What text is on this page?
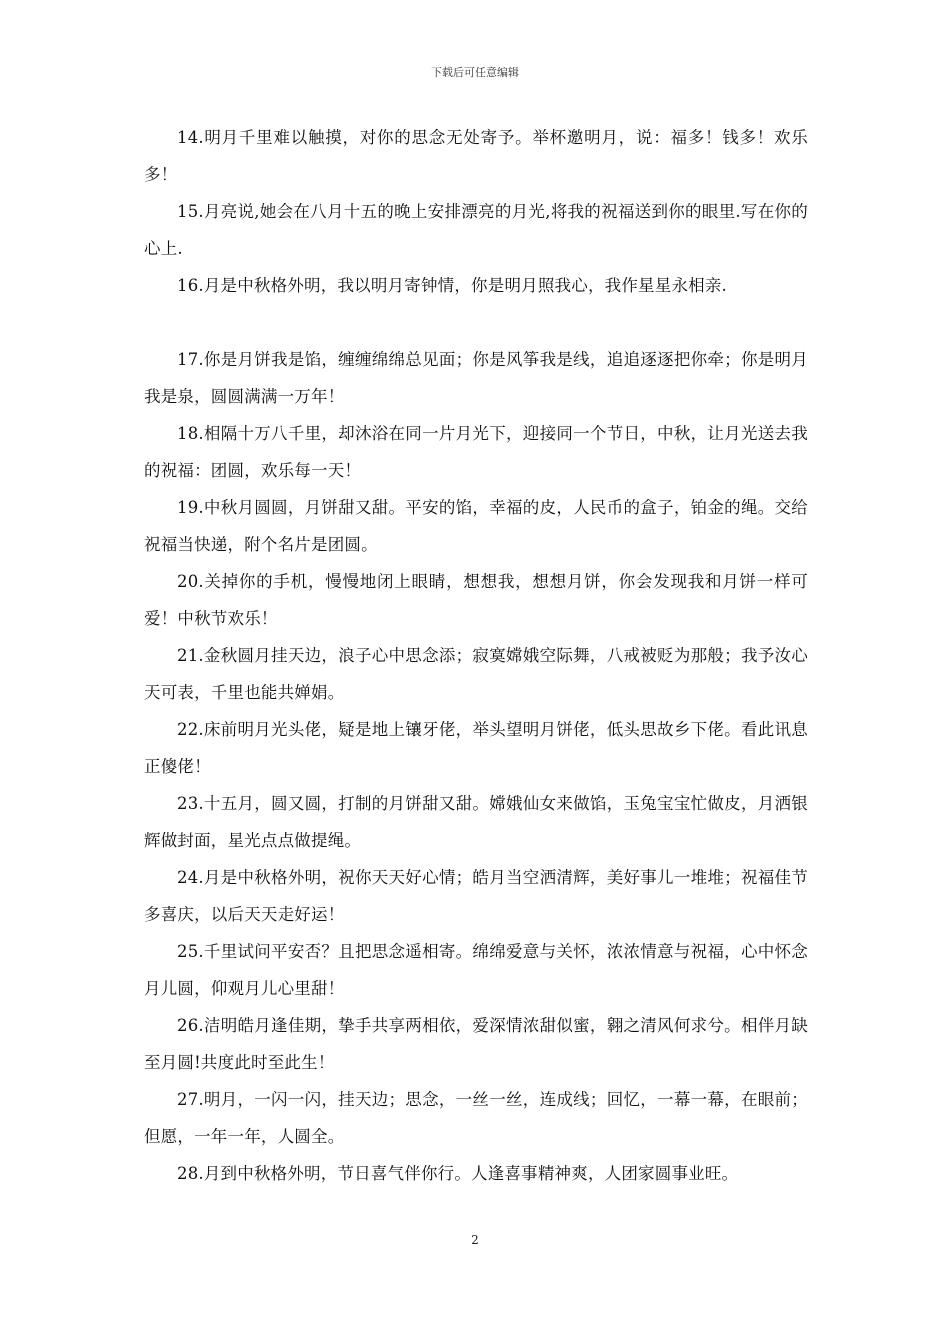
下载后可任意编辑

14.明月千里难以触摸，对你的思念无处寄予。举杯邀明月，说：福多！钱多！欢乐多！

15.月亮说,她会在八月十五的晚上安排漂亮的月光,将我的祝福送到你的眼里.写在你的心上.

16.月是中秋格外明，我以明月寄钟情，你是明月照我心，我作星星永相亲.

17.你是月饼我是馅，缠缠绵绵总见面；你是风筝我是线，追追逐逐把你牵；你是明月我是泉，圆圆满满一万年！

18.相隔十万八千里，却沐浴在同一片月光下，迎接同一个节日，中秋，让月光送去我的祝福：团圆，欢乐每一天！

19.中秋月圆圆，月饼甜又甜。平安的馅，幸福的皮，人民币的盒子，铂金的绳。交给祝福当快递，附个名片是团圆。

20.关掉你的手机，慢慢地闭上眼睛，想想我，想想月饼，你会发现我和月饼一样可爱！中秋节欢乐！

21.金秋圆月挂天边，浪子心中思念添；寂寞嫦娥空际舞，八戒被贬为那般；我予汝心天可表，千里也能共婵娟。

22.床前明月光头佬，疑是地上镶牙佬，举头望明月饼佬，低头思故乡下佬。看此讯息正傻佬！

23.十五月，圆又圆，打制的月饼甜又甜。嫦娥仙女来做馅，玉兔宝宝忙做皮，月洒银辉做封面，星光点点做提绳。

24.月是中秋格外明，祝你天天好心情；皓月当空洒清辉，美好事儿一堆堆；祝福佳节多喜庆，以后天天走好运！

25.千里试问平安否？且把思念遥相寄。绵绵爱意与关怀，浓浓情意与祝福，心中怀念月儿圆，仰观月儿心里甜！

26.洁明皓月逢佳期，挚手共享两相依，爱深情浓甜似蜜，翱之清风何求兮。相伴月缺至月圆!共度此时至此生！

27.明月，一闪一闪，挂天边；思念，一丝一丝，连成线；回忆，一幕一幕，在眼前；但愿，一年一年，人圆全。

28.月到中秋格外明，节日喜气伴你行。人逢喜事精神爽，人团家圆事业旺。

2
